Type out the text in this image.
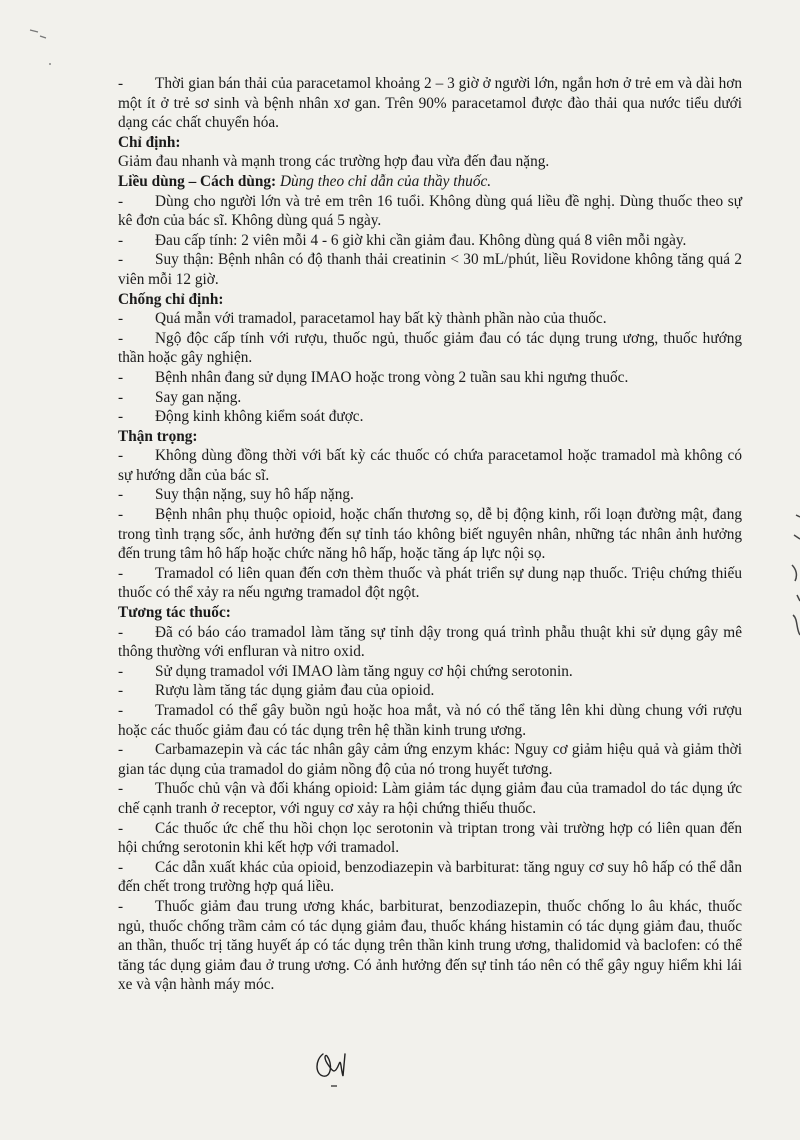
-	Thời gian bán thải của paracetamol khoảng 2 – 3 giờ ở người lớn, ngắn hơn ở trẻ em và dài hơn một ít ở trẻ sơ sinh và bệnh nhân xơ gan. Trên 90% paracetamol được đào thải qua nước tiểu dưới dạng các chất chuyển hóa.

Chỉ định:

Giảm đau nhanh và mạnh trong các trường hợp đau vừa đến đau nặng.

Liều dùng – Cách dùng: Dùng theo chỉ dẫn của thầy thuốc.

-	Dùng cho người lớn và trẻ em trên 16 tuổi. Không dùng quá liều đề nghị. Dùng thuốc theo sự kê đơn của bác sĩ. Không dùng quá 5 ngày.

-	Đau cấp tính: 2 viên mỗi 4 - 6 giờ khi cần giảm đau. Không dùng quá 8 viên mỗi ngày.

-	Suy thận: Bệnh nhân có độ thanh thải creatinin < 30 mL/phút, liều Rovidone không tăng quá 2 viên mỗi 12 giờ.

Chống chỉ định:

-	Quá mẫn với tramadol, paracetamol hay bất kỳ thành phần nào của thuốc.

-	Ngộ độc cấp tính với rượu, thuốc ngủ, thuốc giảm đau có tác dụng trung ương, thuốc hướng thần hoặc gây nghiện.

-	Bệnh nhân đang sử dụng IMAO hoặc trong vòng 2 tuần sau khi ngưng thuốc.

-	Say gan nặng.

-	Động kinh không kiểm soát được.

Thận trọng:

-	Không dùng đồng thời với bất kỳ các thuốc có chứa paracetamol hoặc tramadol mà không có sự hướng dẫn của bác sĩ.

-	Suy thận nặng, suy hô hấp nặng.

-	Bệnh nhân phụ thuộc opioid, hoặc chấn thương sọ, dễ bị động kinh, rối loạn đường mật, đang trong tình trạng sốc, ảnh hưởng đến sự tỉnh táo không biết nguyên nhân, những tác nhân ảnh hưởng đến trung tâm hô hấp hoặc chức năng hô hấp, hoặc tăng áp lực nội sọ.

-	Tramadol có liên quan đến cơn thèm thuốc và phát triển sự dung nạp thuốc. Triệu chứng thiếu thuốc có thể xảy ra nếu ngưng tramadol đột ngột.

Tương tác thuốc:

-	Đã có báo cáo tramadol làm tăng sự tỉnh dậy trong quá trình phẫu thuật khi sử dụng gây mê thông thường với enfluran và nitro oxid.

-	Sử dụng tramadol với IMAO làm tăng nguy cơ hội chứng serotonin.

-	Rượu làm tăng tác dụng giảm đau của opioid.

-	Tramadol có thể gây buồn ngủ hoặc hoa mắt, và nó có thể tăng lên khi dùng chung với rượu hoặc các thuốc giảm đau có tác dụng trên hệ thần kinh trung ương.

-	Carbamazepin và các tác nhân gây cảm ứng enzym khác: Nguy cơ giảm hiệu quả và giảm thời gian tác dụng của tramadol do giảm nồng độ của nó trong huyết tương.

-	Thuốc chủ vận và đối kháng opioid: Làm giảm tác dụng giảm đau của tramadol do tác dụng ức chế cạnh tranh ở receptor, với nguy cơ xảy ra hội chứng thiếu thuốc.

-	Các thuốc ức chế thu hồi chọn lọc serotonin và triptan trong vài trường hợp có liên quan đến hội chứng serotonin khi kết hợp với tramadol.

-	Các dẫn xuất khác của opioid, benzodiazepin và barbiturat: tăng nguy cơ suy hô hấp có thể dẫn đến chết trong trường hợp quá liều.

-	Thuốc giảm đau trung ương khác, barbiturat, benzodiazepin, thuốc chống lo âu khác, thuốc ngủ, thuốc chống trầm cảm có tác dụng giảm đau, thuốc kháng histamin có tác dụng giảm đau, thuốc an thần, thuốc trị tăng huyết áp có tác dụng trên thần kinh trung ương, thalidomid và baclofen: có thể tăng tác dụng giảm đau ở trung ương. Có ảnh hưởng đến sự tỉnh táo nên có thể gây nguy hiểm khi lái xe và vận hành máy móc.
